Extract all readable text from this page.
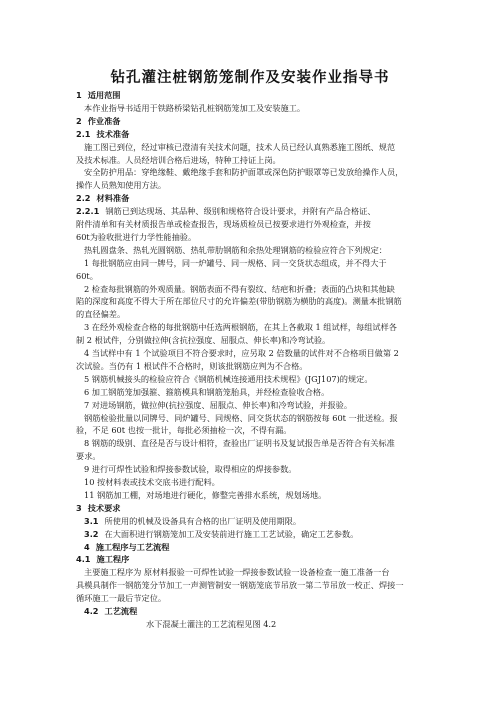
钻孔灌注桩钢筋笼制作及安装作业指导书
1 适用范围
本作业指导书适用于铁路桥梁钻孔桩钢筋笼加工及安装施工。
2 作业准备
2.1 技术准备
施工图已到位，经过审核已澄清有关技术问题，技术人员已经认真熟悉施工图纸、规范
及技术标准。人员经培训合格后进场，特种工持证上岗。
安全防护用品：穿绝缘鞋、戴绝缘手套和防护面罩或深色防护眼罩等已发放给操作人员，
操作人员熟知使用方法。
2.2 材料准备
2.2.1 钢筋已到达现场、其品种、级别和规格符合设计要求，并附有产品合格证、
附件清单和有关材质报告单或检查报告，现场质检员已按要求进行外观检查，并按
60t为验收批进行力学性能抽验。
热轧圆盘条、热轧光圆钢筋、热轧带肋钢筋和余热处理钢筋的检验应符合下列规定：
1 每批钢筋应由同一牌号，同一炉罐号、同一规格、同一交货状态组成，并不得大于
60t。
2 检查每批钢筋的外观质量。钢筋表面不得有裂纹、结疤和折叠；表面的凸块和其他缺
陷的深度和高度不得大于所在部位尺寸的允许偏差(带肋钢筋为横肋的高度)。测量本批钢筋
的直径偏差。
3 在经外观检查合格的每批钢筋中任选两根钢筋，在其上各截取 1 组试样，每组试样各
制 2 根试件，分别做拉伸(含抗拉强度、屈服点、伸长率)和冷弯试验。
4 当试样中有 1 个试验项目不符合要求时，应另取 2 倍数量的试件对不合格项目做第 2
次试验。当仍有 1 根试件不合格时，则该批钢筋应判为不合格。
5 钢筋机械接头的检验应符合《钢筋机械连接通用技术规程》(JGJ107)的规定。
6 加工钢筋笼加强箍、箍筋模具和钢筋笼胎具，并经检查验收合格。
7 对进场钢筋，做拉伸(抗拉强度、屈服点、伸长率)和冷弯试验，并报验。
钢筋检验批量以同牌号、同炉罐号、同规格、同交货状态的钢筋按每 60t 一批送检。报
验，不足 60t 也按一批计，每批必须抽检一次，不得有漏。
8 钢筋的级别、直径是否与设计相符，查验出厂证明书及复试报告单是否符合有关标准
要求。
9 进行可焊性试验和焊接参数试验，取得相应的焊接参数。
10 按材料表或技术交底书进行配料。
11 钢筋加工棚，对场地进行硬化，修整完善排水系统，规划场地。
3 技术要求
3.1 所使用的机械及设备具有合格的出厂证明及使用期限。
3.2 在大面积进行钢筋笼加工及安装前进行施工工艺试验，确定工艺参数。
4 施工程序与工艺流程
4.1 施工程序
主要施工程序为 原材料报验一可焊性试验一焊接参数试验一设备检查一施工准备一台
具模具制作一钢筋笼分节加工一声测管制安一钢筋笼底节吊放一第二节吊放一校正、焊接一
循环施工一最后节定位。
4.2 工艺流程
水下混凝土灌注的工艺流程见图 4.2
